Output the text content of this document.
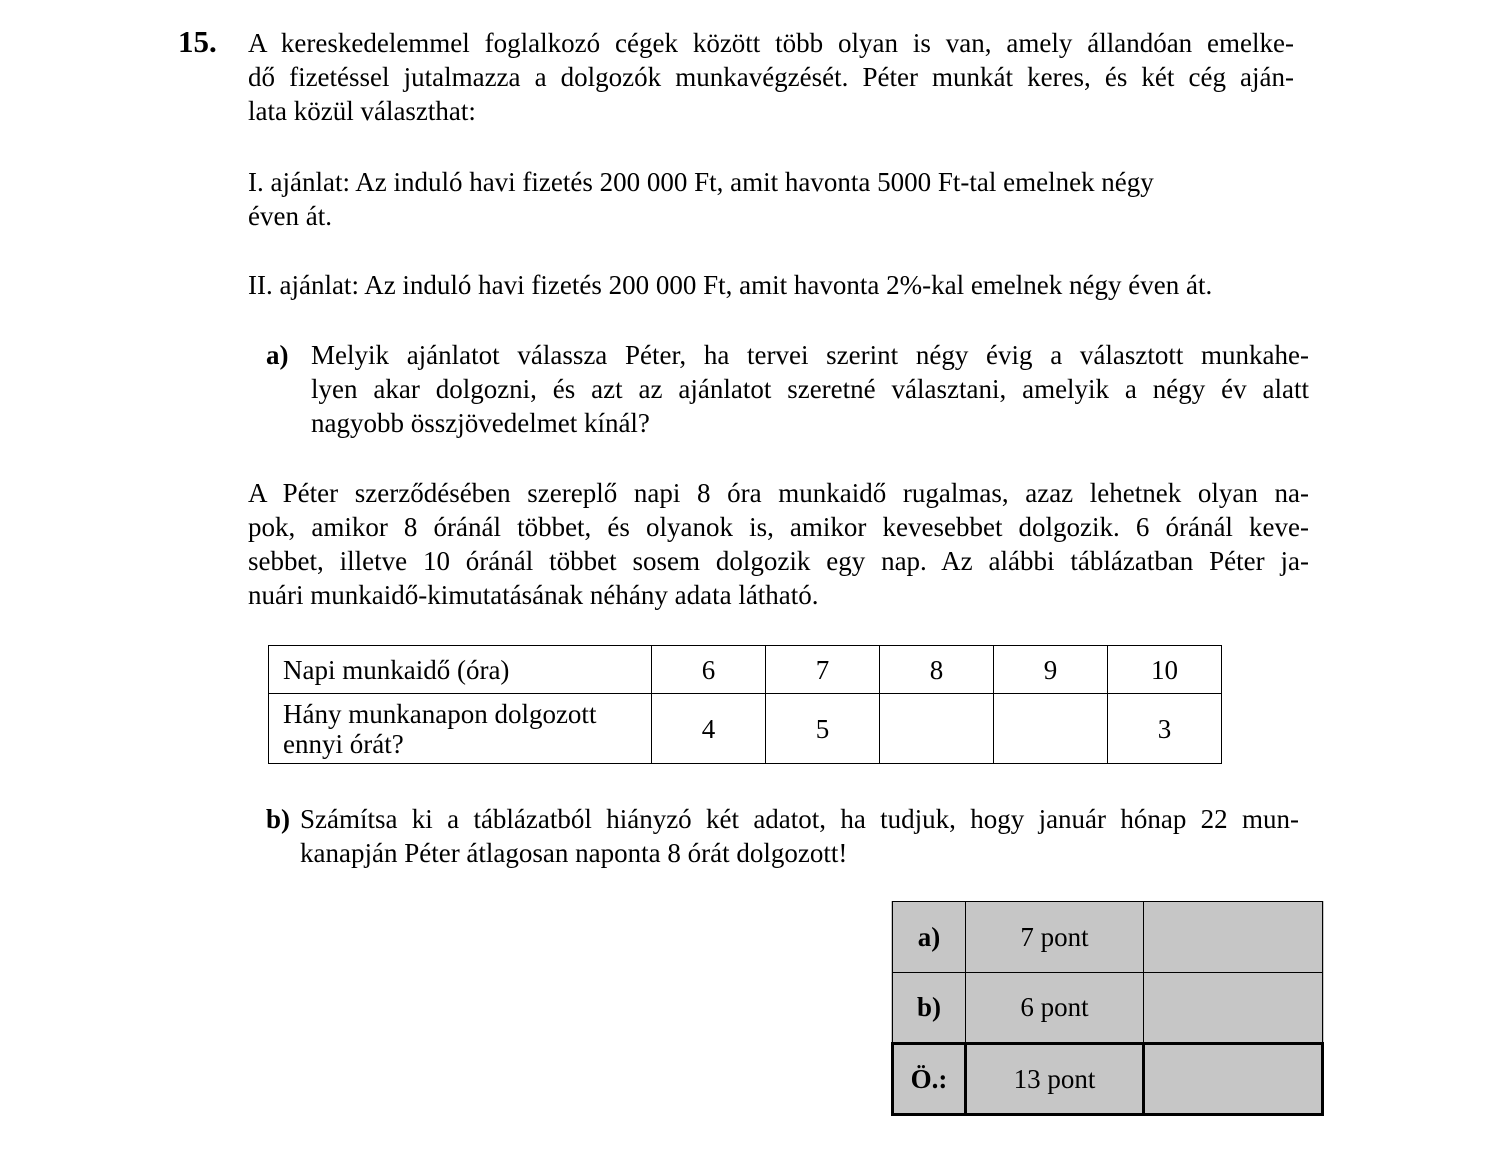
15. A kereskedelemmel foglalkozó cégek között több olyan is van, amely állandóan emelke-
dő fizetéssel jutalmazza a dolgozók munkavégzését. Péter munkát keres, és két cég aján-
lata közül választhat:
I. ajánlat: Az induló havi fizetés 200 000 Ft, amit havonta 5000 Ft-tal emelnek négy
éven át.
II. ajánlat: Az induló havi fizetés 200 000 Ft, amit havonta 2%-kal emelnek négy éven át.
a) Melyik ajánlatot válassza Péter, ha tervei szerint négy évig a választott munkahe-
lyen akar dolgozni, és azt az ajánlatot szeretné választani, amelyik a négy év alatt
nagyobb összjövedelmet kínál?
A Péter szerződésében szereplő napi 8 óra munkaidő rugalmas, azaz lehetnek olyan na-
pok, amikor 8 óránál többet, és olyanok is, amikor kevesebbet dolgozik. 6 óránál keve-
sebbet, illetve 10 óránál többet sosem dolgozik egy nap. Az alábbi táblázatban Péter ja-
nuári munkaidő-kimutatásának néhány adata látható.
Napi munkaidő (óra)	6	7	8	9	10

Hány munkanapon dolgozott
ennyi órát?	4	5			3
b) Számítsa ki a táblázatból hiányzó két adatot, ha tudjuk, hogy január hónap 22 mun-
kanapján Péter átlagosan naponta 8 órát dolgozott!
a)	7 pont	
b)	6 pont	
Ö.:	13 pont	
